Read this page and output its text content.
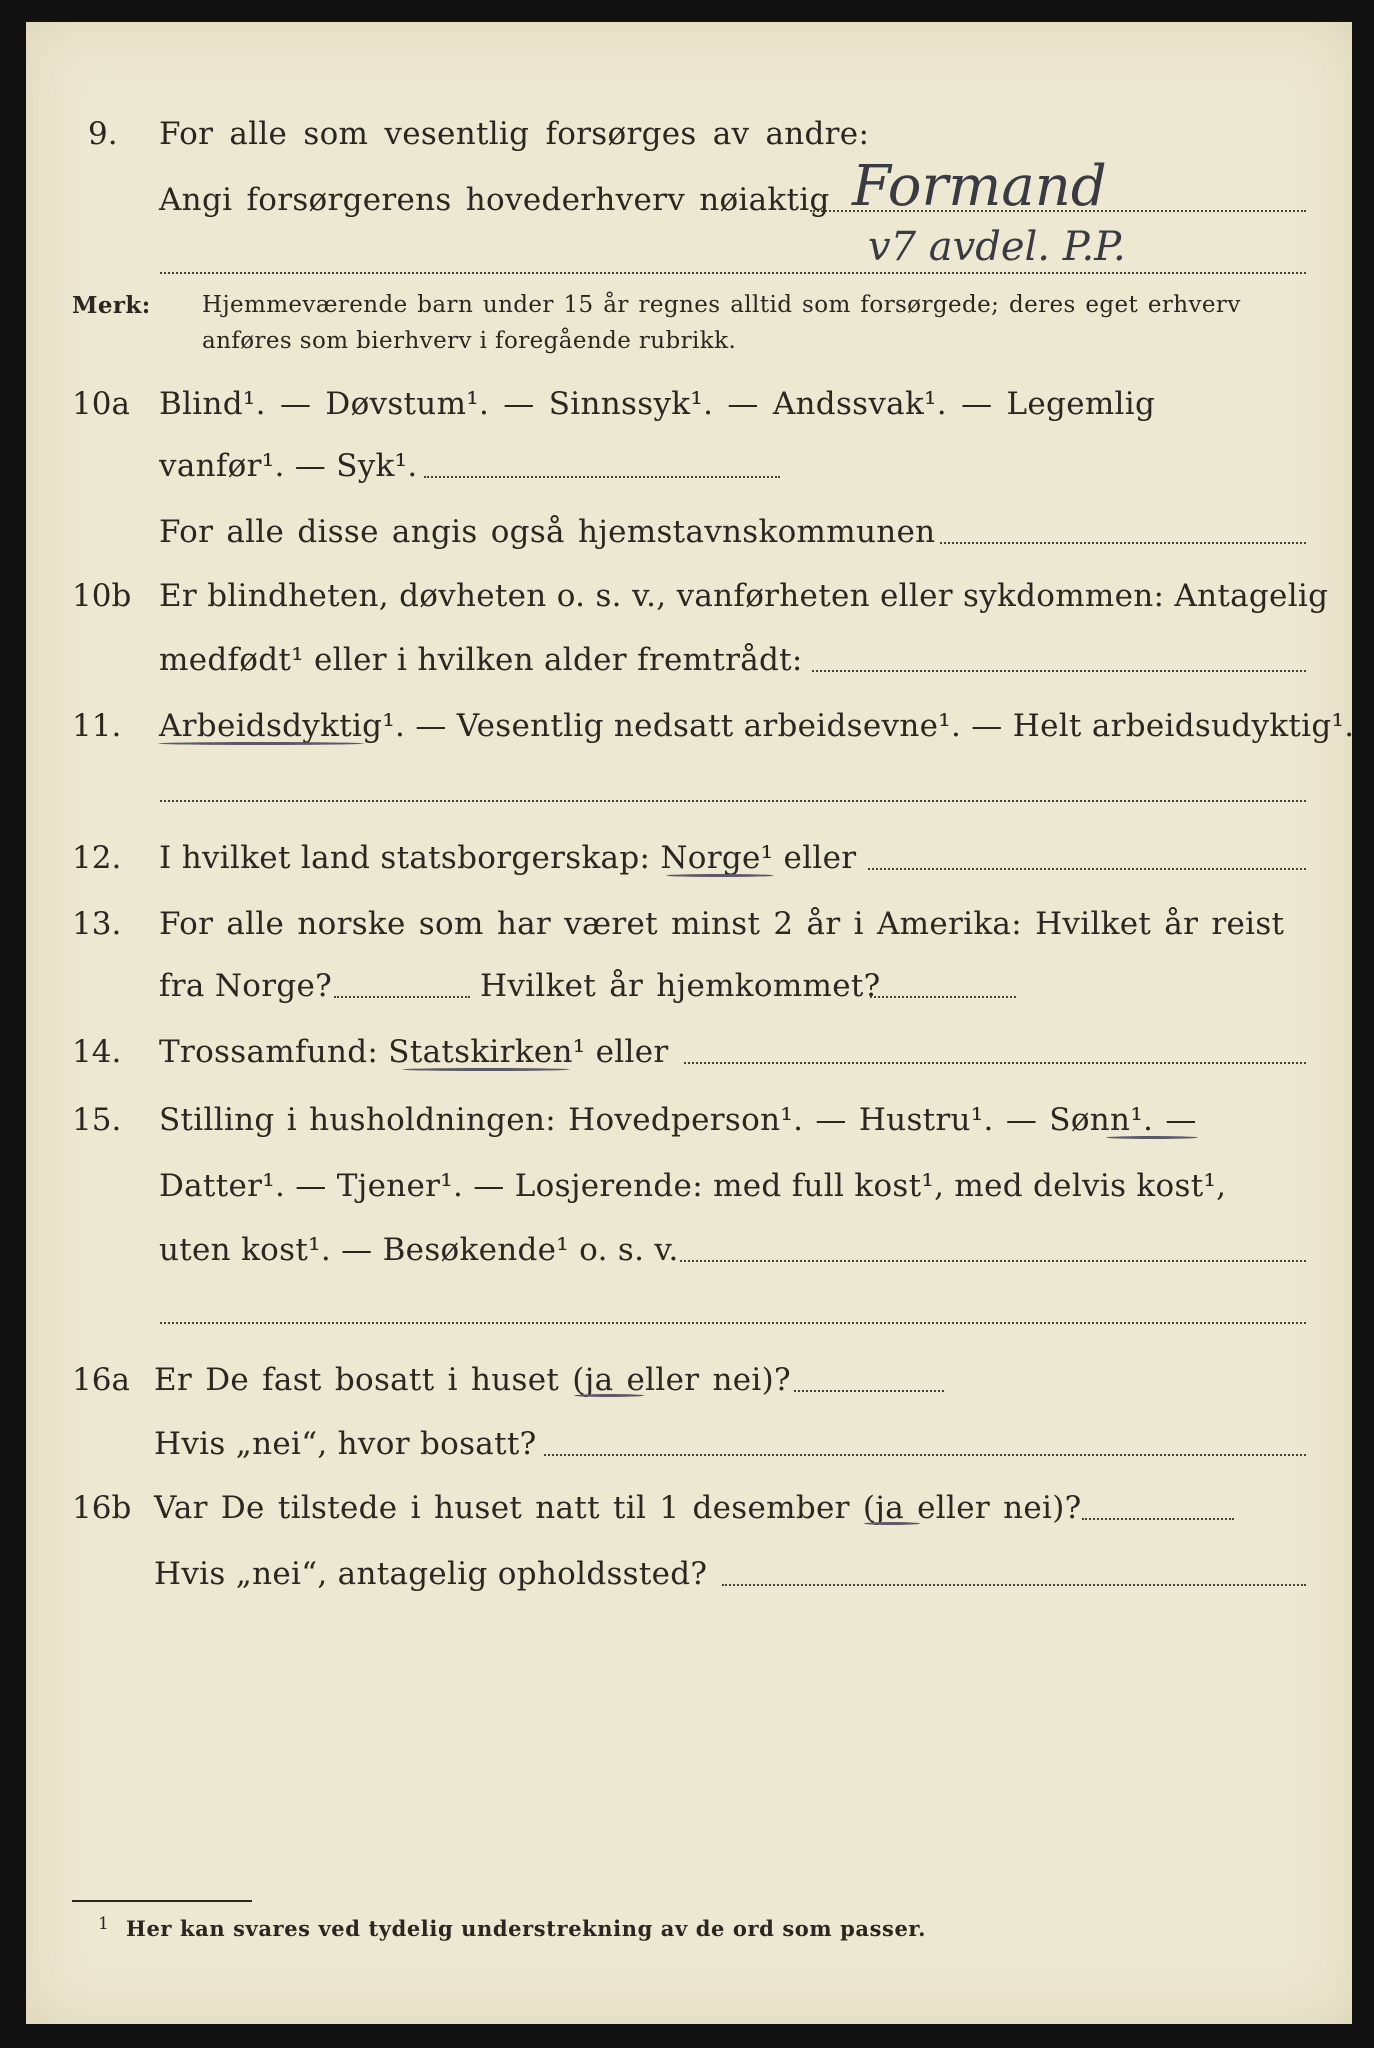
9. For alle som vesentlig forsørges av andre:
Angi forsørgerens hovederhverv nøiaktig Formand
v7 avdel. P.P.
Merk: Hjemmeværende barn under 15 år regnes alltid som forsørgede; deres eget erhverv
anføres som bierhverv i foregående rubrikk.
10a Blind¹. — Døvstum¹. — Sinnssyk¹. — Andssvak¹. — Legemlig
vanfør¹. — Syk¹.
For alle disse angis også hjemstavnskommunen
10b Er blindheten, døvheten o. s. v., vanførheten eller sykdommen: Antagelig
medfødt¹ eller i hvilken alder fremtrådt:
11. Arbeidsdyktig¹. — Vesentlig nedsatt arbeidsevne¹. — Helt arbeidsudyktig¹.
12. I hvilket land statsborgerskap: Norge¹ eller
13. For alle norske som har været minst 2 år i Amerika: Hvilket år reist
fra Norge?	Hvilket år hjemkommet?
14. Trossamfund: Statskirken¹ eller
15. Stilling i husholdningen: Hovedperson¹. — Hustru¹. — Sønn¹. —
Datter¹. — Tjener¹. — Losjerende: med full kost¹, med delvis kost¹,
uten kost¹. — Besøkende¹ o. s. v.
16a Er De fast bosatt i huset (ja eller nei)?
Hvis „nei“, hvor bosatt?
16b Var De tilstede i huset natt til 1 desember (ja eller nei)?
Hvis „nei“, antagelig opholdssted?
1 Her kan svares ved tydelig understrekning av de ord som passer.
